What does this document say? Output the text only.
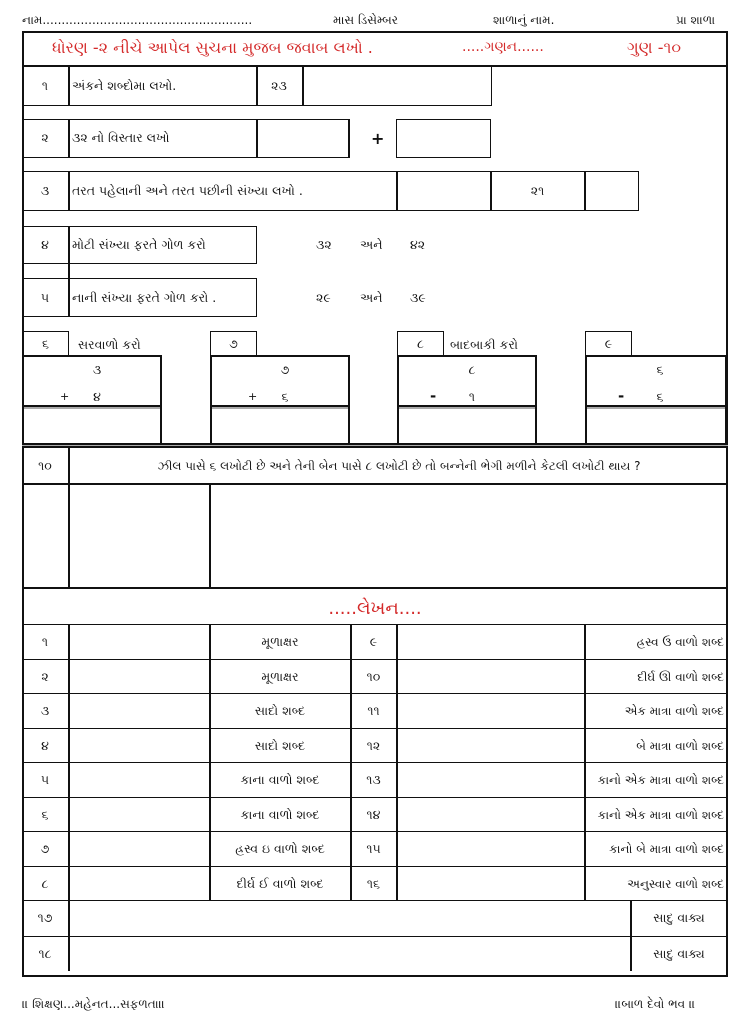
નામ.......................................................	માસ ડિસેમ્બર	શાળાનું નામ.	પ્રા શાળા
ધોરણ -૨ નીચે આપેલ સુચના મુજબ જવાબ લખો .	.....ગણન......	ગુણ -૧૦
૧	અંકને શબ્દોમા લખો.	૨૩
૨	૩૨ નો વિસ્તાર લખો	+
૩	તરત પહેલાની અને તરત પછીની સંખ્યા લખો .	૨૧
૪	મોટી સંખ્યા ફરતે ગોળ કરો	૩૨ અને ૪૨
૫	નાની સંખ્યા ફરતે ગોળ કરો .	૨૯ અને ૩૯
સરવાળો કરો	બાદબાકી કરો
૬
૩
+	૪
૭
૭
+	૬
૮
૮
-	૧
૯
૬
-	૬
૧૦	ઝીલ પાસે ૬ લખોટી છે અને તેની બેન પાસે ૮ લખોટી છે તો બન્નેની ભેગી મળીને કેટલી લખોટી થાય ?
.....લેખન....
૧	મૂળાક્ષર	૯	હ્રસ્વ ઉ વાળો શબ્દ
૨	મૂળાક્ષર	૧૦	દીર્ઘ ઊ વાળો શબ્દ
૩	સાદો શબ્દ	૧૧	એક માત્રા વાળો શબ્દ
૪	સાદો શબ્દ	૧૨	બે માત્રા વાળો શબ્દ
૫	કાના વાળો શબ્દ	૧૩	કાનો એક માત્રા વાળો શબ્દ
૬	કાના વાળો શબ્દ	૧૪	કાનો એક માત્રા વાળો શબ્દ
૭	હ્રસ્વ ઇ વાળો શબ્દ	૧૫	કાનો બે માત્રા વાળો શબ્દ
૮	દીર્ઘ ઈ વાળો શબ્દ	૧૬	અનુસ્વાર વાળો શબ્દ
૧૭	સાદુ વાક્ય
૧૮	સાદુ વાક્ય
॥ શિક્ષણ...મહેનત...સફળતા॥	॥બાળ દેવો ભવ ॥
